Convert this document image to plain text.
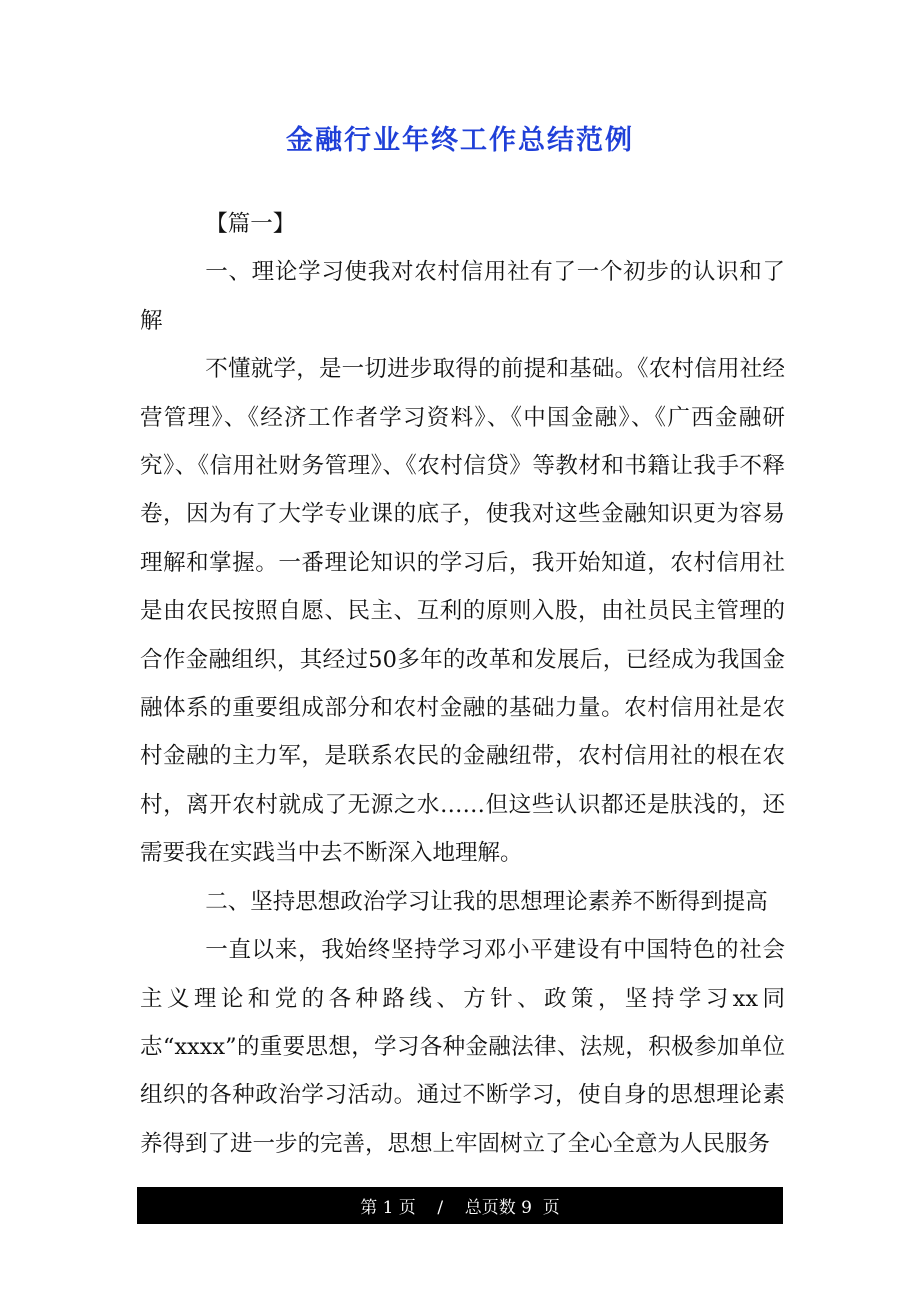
金融行业年终工作总结范例

【篇一】

一、理论学习使我对农村信用社有了一个初步的认识和了解

不懂就学，是一切进步取得的前提和基础。《农村信用社经营管理》、《经济工作者学习资料》、《中国金融》、《广西金融研究》、《信用社财务管理》、《农村信贷》等教材和书籍让我手不释卷，因为有了大学专业课的底子，使我对这些金融知识更为容易理解和掌握。一番理论知识的学习后，我开始知道，农村信用社是由农民按照自愿、民主、互利的原则入股，由社员民主管理的合作金融组织，其经过50多年的改革和发展后，已经成为我国金融体系的重要组成部分和农村金融的基础力量。农村信用社是农村金融的主力军，是联系农民的金融纽带，农村信用社的根在农村，离开农村就成了无源之水……但这些认识都还是肤浅的，还需要我在实践当中去不断深入地理解。

二、坚持思想政治学习让我的思想理论素养不断得到提高

一直以来，我始终坚持学习邓小平建设有中国特色的社会主义理论和党的各种路线、方针、政策，坚持学习xx同志“xxxx”的重要思想，学习各种金融法律、法规，积极参加单位组织的各种政治学习活动。通过不断学习，使自身的思想理论素养得到了进一步的完善，思想上牢固树立了全心全意为人民服务

第 1 页    /    总页数 9  页
